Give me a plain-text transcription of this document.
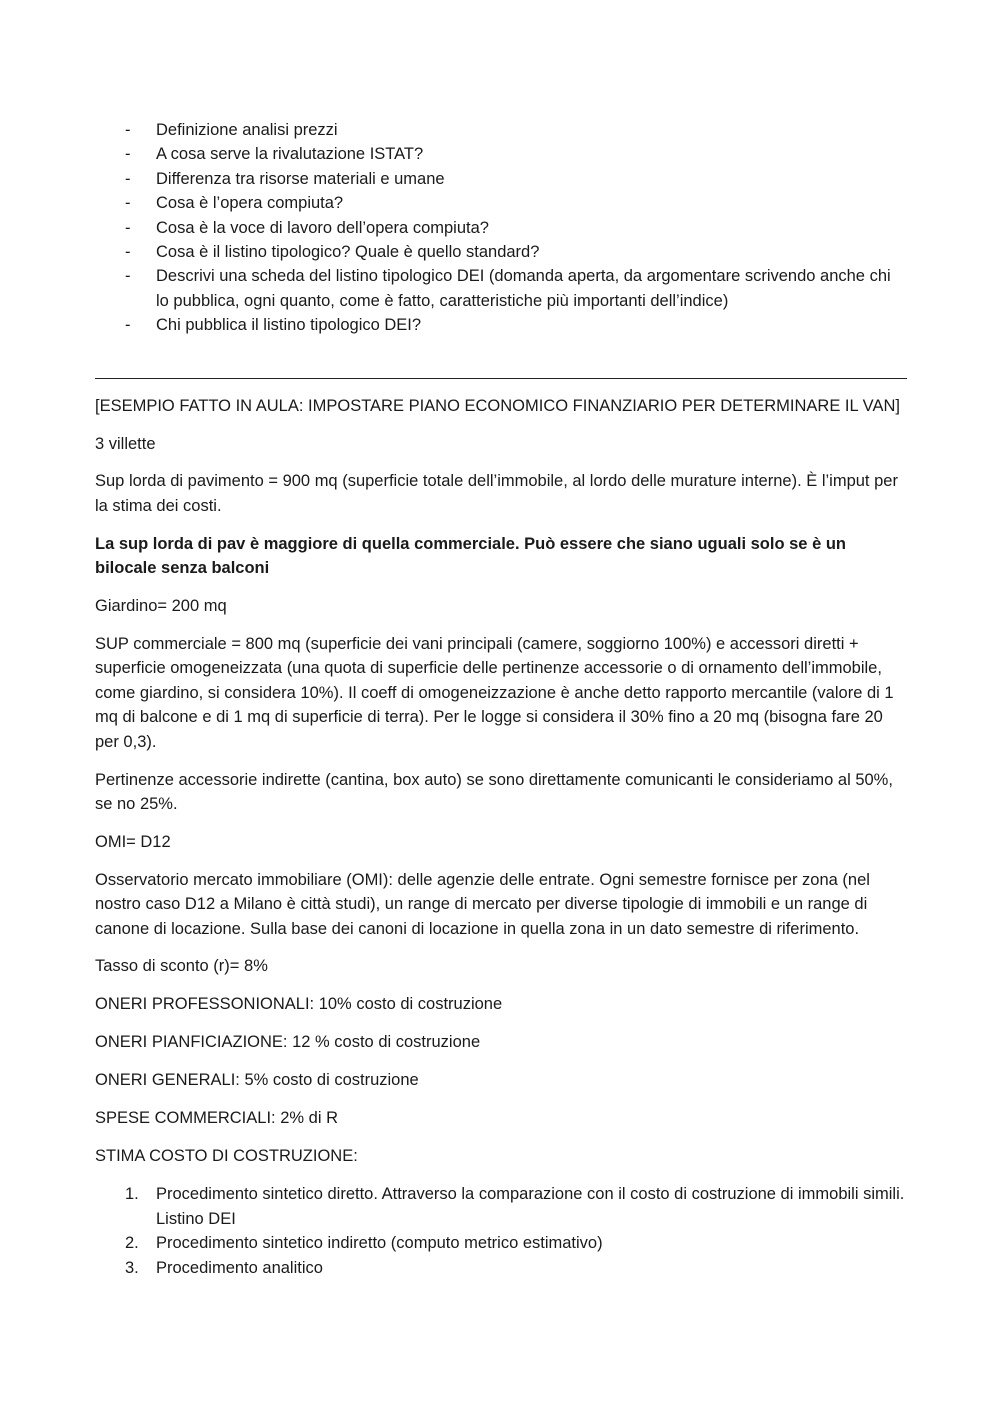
- Definizione analisi prezzi
- A cosa serve la rivalutazione ISTAT?
- Differenza tra risorse materiali e umane
- Cosa è l’opera compiuta?
- Cosa è la voce di lavoro dell’opera compiuta?
- Cosa è il listino tipologico? Quale è quello standard?
- Descrivi una scheda del listino tipologico DEI (domanda aperta, da argomentare scrivendo anche chi lo pubblica, ogni quanto, come è fatto, caratteristiche più importanti dell’indice)
- Chi pubblica il listino tipologico DEI?

[ESEMPIO FATTO IN AULA: IMPOSTARE PIANO ECONOMICO FINANZIARIO PER DETERMINARE IL VAN]

3 villette

Sup lorda di pavimento = 900 mq (superficie totale dell’immobile, al lordo delle murature interne). È l’imput per la stima dei costi.

La sup lorda di pav è maggiore di quella commerciale. Può essere che siano uguali solo se è un bilocale senza balconi

Giardino= 200 mq

SUP commerciale = 800 mq (superficie dei vani principali (camere, soggiorno 100%) e accessori diretti + superficie omogeneizzata (una quota di superficie delle pertinenze accessorie o di ornamento dell’immobile, come giardino, si considera 10%). Il coeff di omogeneizzazione è anche detto rapporto mercantile (valore di 1 mq di balcone e di 1 mq di superficie di terra). Per le logge si considera il 30% fino a 20 mq (bisogna fare 20 per 0,3).

Pertinenze accessorie indirette (cantina, box auto) se sono direttamente comunicanti le consideriamo al 50%, se no 25%.

OMI= D12

Osservatorio mercato immobiliare (OMI): delle agenzie delle entrate. Ogni semestre fornisce per zona (nel nostro caso D12 a Milano è città studi), un range di mercato per diverse tipologie di immobili e un range di canone di locazione. Sulla base dei canoni di locazione in quella zona in un dato semestre di riferimento.

Tasso di sconto (r)= 8%

ONERI PROFESSONIONALI: 10% costo di costruzione

ONERI PIANFICIAZIONE: 12 % costo di costruzione

ONERI GENERALI: 5% costo di costruzione

SPESE COMMERCIALI: 2% di R

STIMA COSTO DI COSTRUZIONE:

1. Procedimento sintetico diretto. Attraverso la comparazione con il costo di costruzione di immobili simili. Listino DEI
2. Procedimento sintetico indiretto (computo metrico estimativo)
3. Procedimento analitico
